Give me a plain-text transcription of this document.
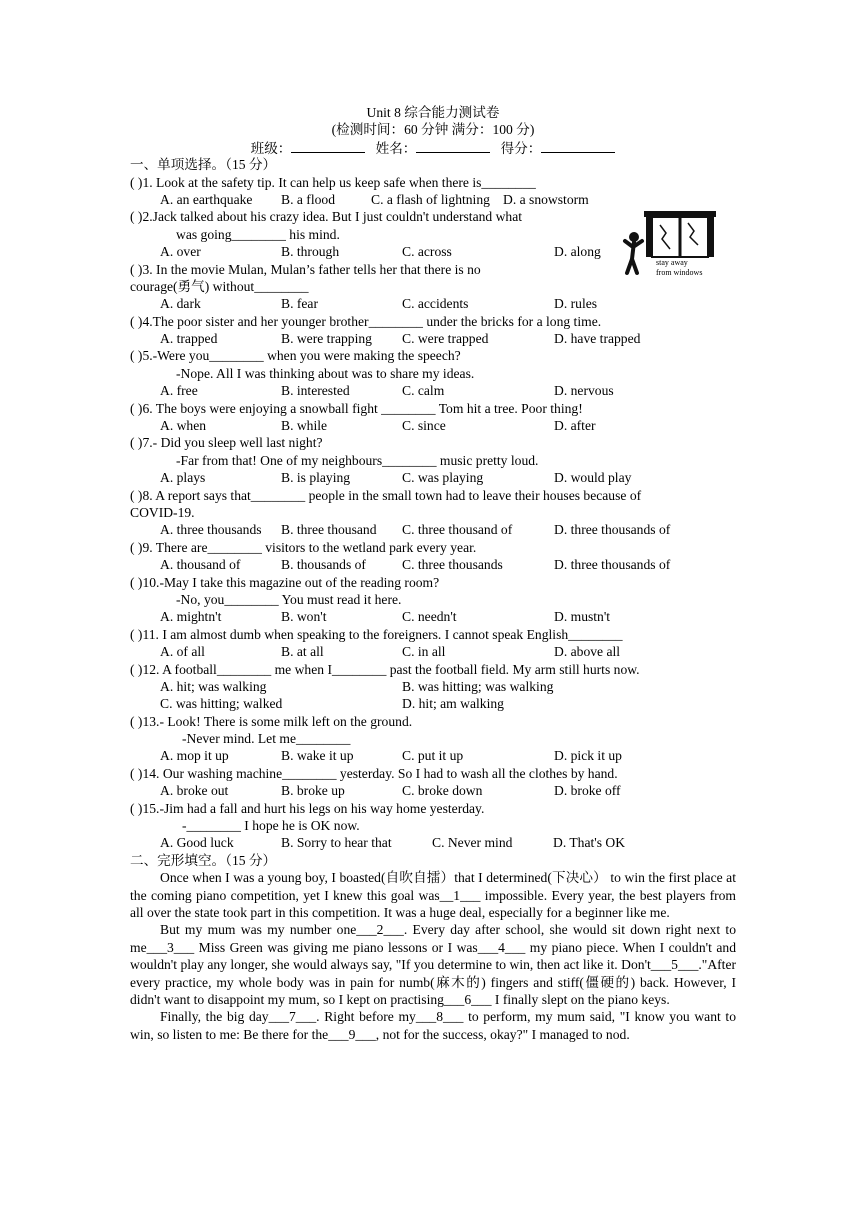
Unit 8 综合能力测试卷
(检测时间：60 分钟 满分：100 分)
班级：	姓名：	得分：
一、单项选择。（15 分）
( )1. Look at the safety tip. It can help us keep safe when there is________
A. an earthquake	B. a flood	C. a flash of lightning D. a snowstorm
( )2.Jack talked about his crazy idea. But I just couldn't understand what
was going________ his mind.
A. over	B. through	C. across	D. along
( )3. In the movie Mulan, Mulan’s father tells her that there is no
courage(勇气) without________
A. dark	B. fear	C. accidents	D. rules
( )4.The poor sister and her younger brother________ under the bricks for a long time.
A. trapped	B. were trapping	C. were trapped	D. have trapped
( )5.-Were you________ when you were making the speech?
-Nope. All I was thinking about was to share my ideas.
A. free	B. interested	C. calm	D. nervous
( )6. The boys were enjoying a snowball fight ________ Tom hit a tree. Poor thing!
A. when	B. while	C. since	D. after
( )7.- Did you sleep well last night?
-Far from that! One of my neighbours________ music pretty loud.
A. plays	B. is playing	C. was playing	D. would play
( )8. A report says that________ people in the small town had to leave their houses because of
COVID-19.
A. three thousands	B. three thousand	C. three thousand of	D. three thousands of
( )9. There are________ visitors to the wetland park every year.
A. thousand of	B. thousands of	C. three thousands	D. three thousands of
( )10.-May I take this magazine out of the reading room?
-No, you________ You must read it here.
A. mightn't	B. won't	C. needn't	D. mustn't
( )11. I am almost dumb when speaking to the foreigners. I cannot speak English________
A. of all	B. at all	C. in all	D. above all
( )12. A football________ me when I________ past the football field. My arm still hurts now.
A. hit; was walking	B. was hitting; was walking
C. was hitting; walked	D. hit; am walking
( )13.- Look! There is some milk left on the ground.
-Never mind. Let me________
A. mop it up	B. wake it up	C. put it up	D. pick it up
( )14. Our washing machine________ yesterday. So I had to wash all the clothes by hand.
A. broke out	B. broke up	C. broke down	D. broke off
( )15.-Jim had a fall and hurt his legs on his way home yesterday.
-________ I hope he is OK now.
A. Good luck	B. Sorry to hear that	C. Never mind	D. That's OK
二、完形填空。（15 分）
Once when I was a young boy, I boasted(自吹自擂）that I determined(下决心） to win the first place at the coming piano competition, yet I knew this goal was__1___ impossible. Every year, the best players from all over the state took part in this competition. It was a huge deal, especially for a beginner like me.
But my mum was my number one___2___. Every day after school, she would sit down right next to me___3___ Miss Green was giving me piano lessons or I was___4___ my piano piece. When I couldn't and wouldn't play any longer, she would always say, "If you determine to win, then act like it. Don't___5___."After every practice, my whole body was in pain for numb(麻木的) fingers and stiff(僵硬的) back. However, I didn't want to disappoint my mum, so I kept on practising___6___ I finally slept on the piano keys.
Finally, the big day___7___. Right before my___8___ to perform, my mum said, "I know you want to win, so listen to me: Be there for the___9___, not for the success, okay?" I managed to nod.
stay away
from windows
